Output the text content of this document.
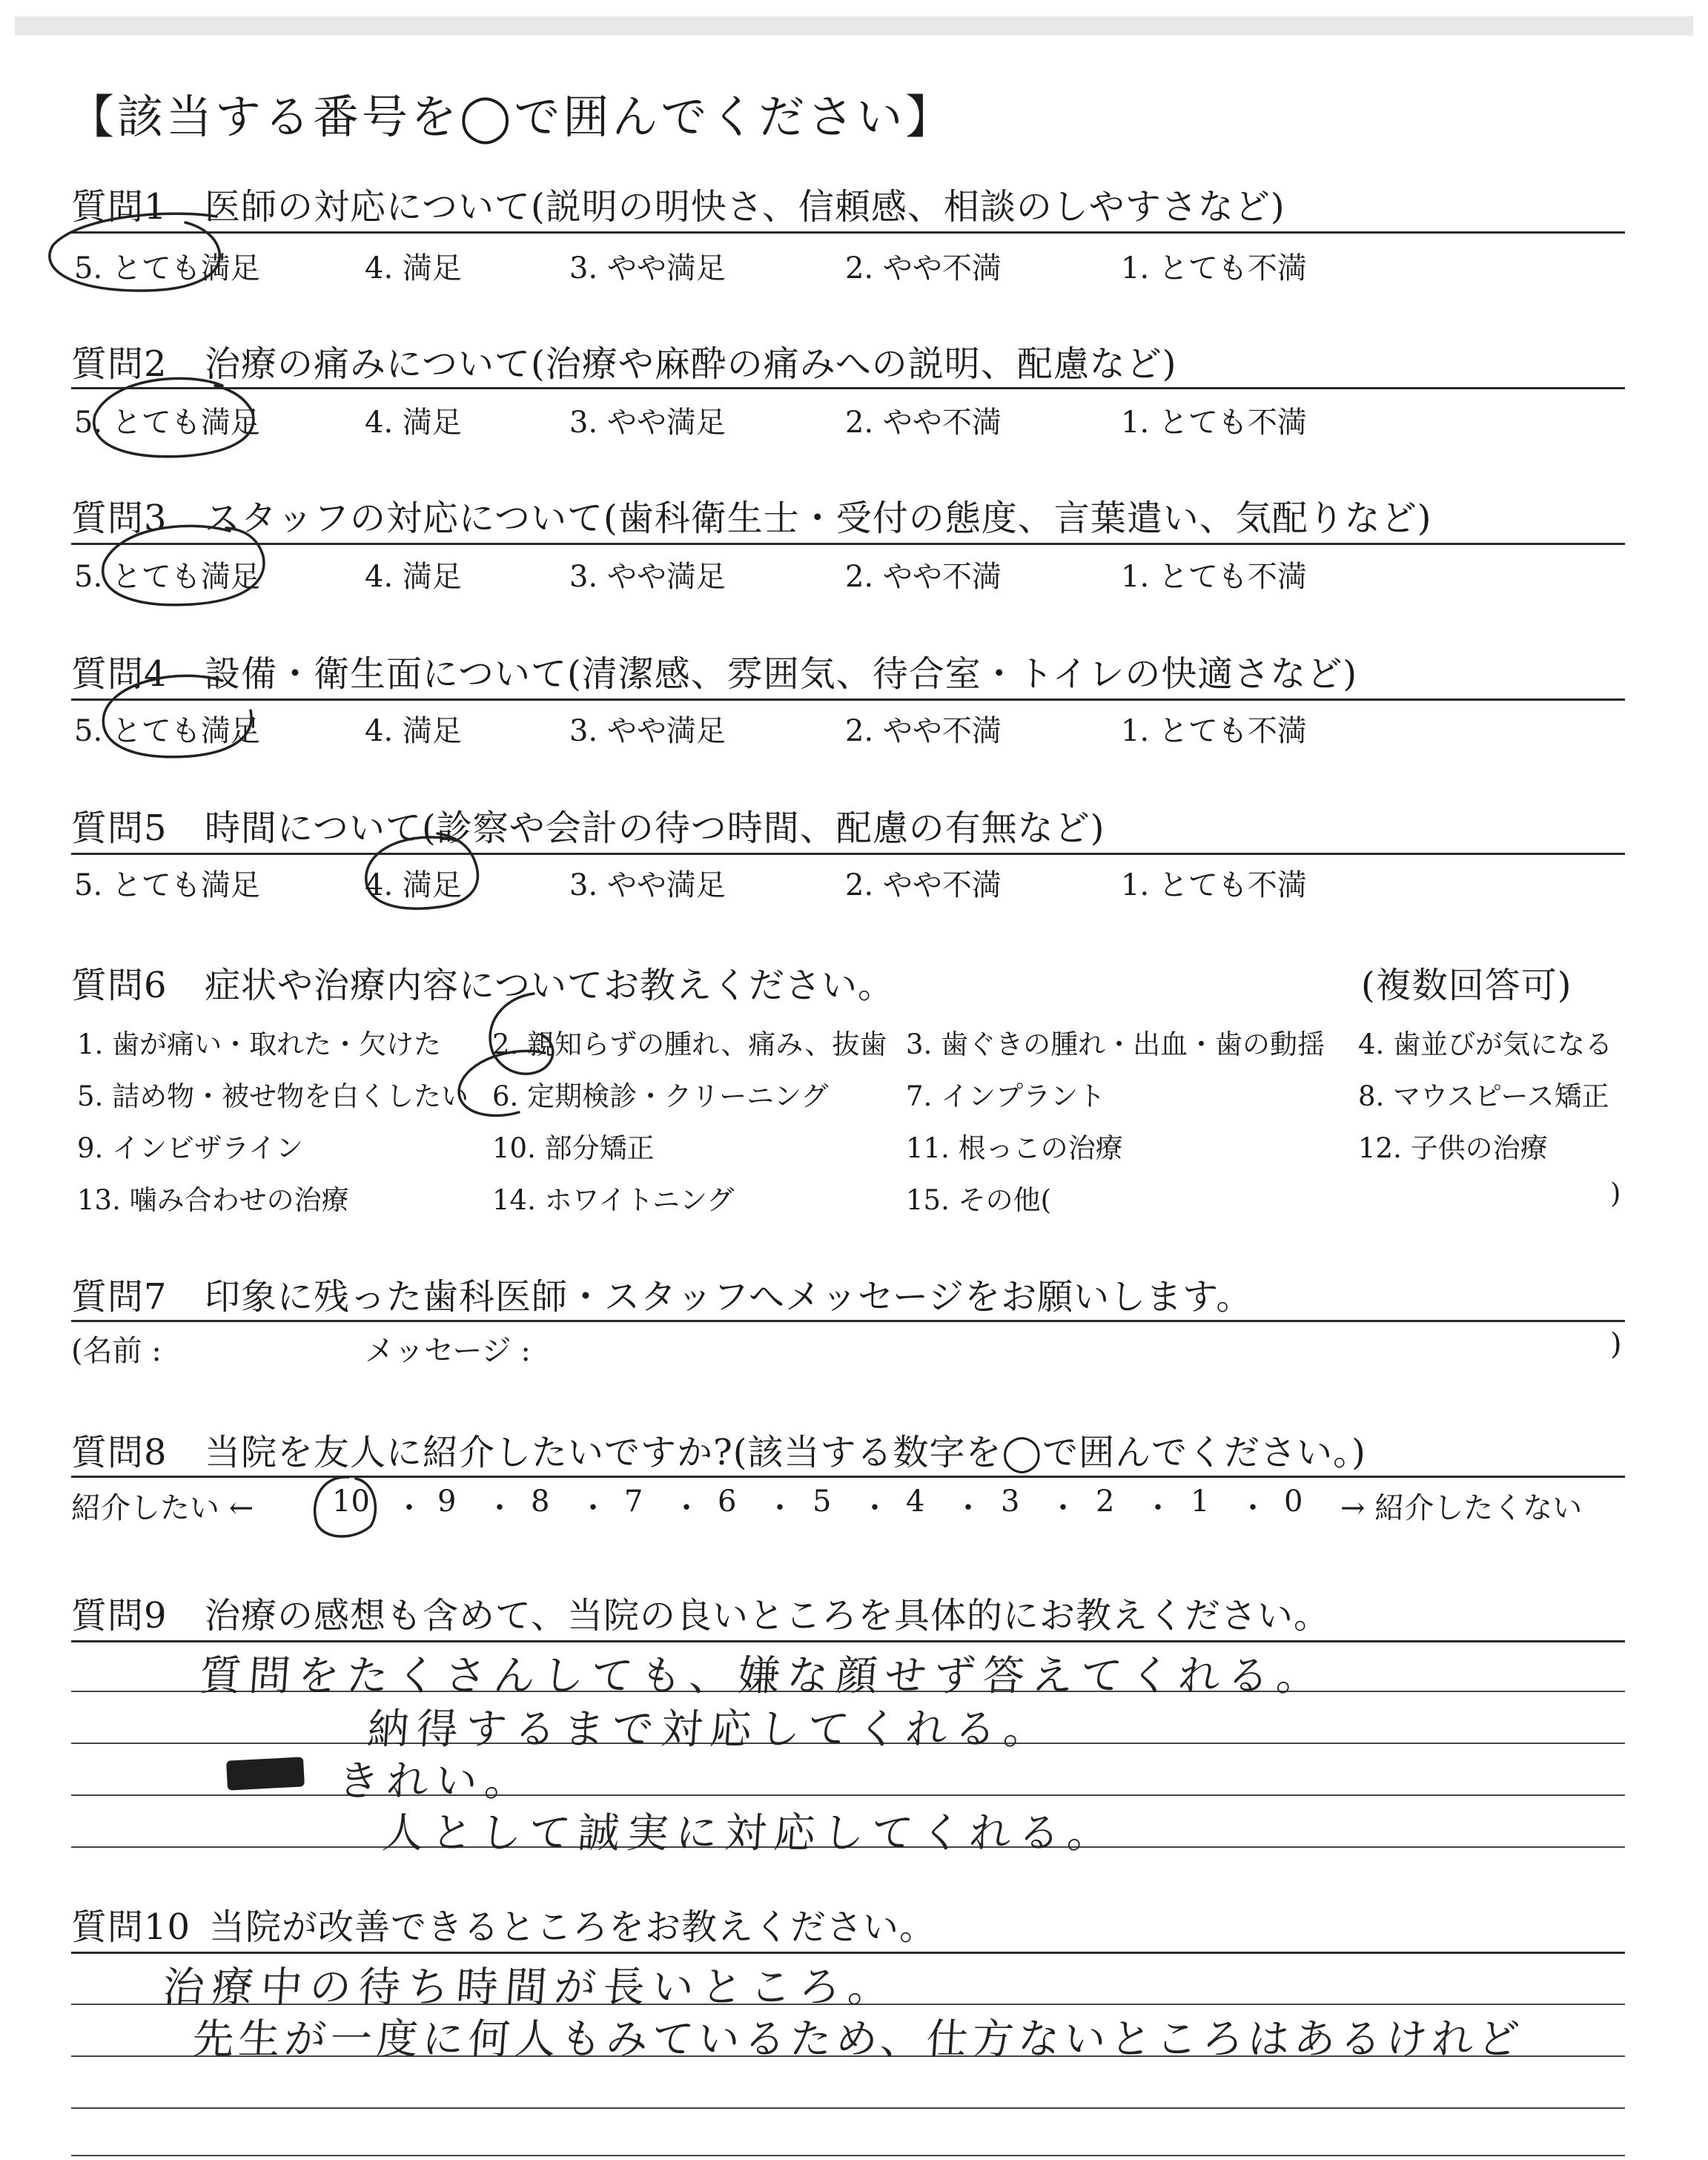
【該当する番号を◯で囲んでください】
質問1 医師の対応について(説明の明快さ、信頼感、相談のしやすさなど)
5. とても満足	4. 満足	3. やや満足	2. やや不満	1. とても不満
質問2 治療の痛みについて(治療や麻酔の痛みへの説明、配慮など)
5. とても満足	4. 満足	3. やや満足	2. やや不満	1. とても不満
質問3 スタッフの対応について(歯科衛生士・受付の態度、言葉遣い、気配りなど)
5. とても満足	4. 満足	3. やや満足	2. やや不満	1. とても不満
質問4 設備・衛生面について(清潔感、雰囲気、待合室・トイレの快適さなど)
5. とても満足	4. 満足	3. やや満足	2. やや不満	1. とても不満
質問5 時間について(診察や会計の待つ時間、配慮の有無など)
5. とても満足	4. 満足	3. やや満足	2. やや不満	1. とても不満
質問6 症状や治療内容についてお教えください。	(複数回答可)
1. 歯が痛い・取れた・欠けた 2. 親知らずの腫れ、痛み、抜歯 3. 歯ぐきの腫れ・出血・歯の動揺 4. 歯並びが気になる
5. 詰め物・被せ物を白くしたい 6. 定期検診・クリーニング	7. インプラント	8. マウスピース矯正
9. インビザライン	10. 部分矯正	11. 根っこの治療	12. 子供の治療
13. 噛み合わせの治療	14. ホワイトニング	15. その他(	)
質問7 印象に残った歯科医師・スタッフへメッセージをお願いします。
(名前 :	メッセージ :	)
質問8 当院を友人に紹介したいですか?(該当する数字を◯で囲んでください。)
紹介したい ←	10 ・ 9 ・ 8 ・ 7 ・ 6 ・ 5 ・ 4 ・ 3 ・ 2 ・ 1 ・ 0 → 紹介したくない
質問9 治療の感想も含めて、当院の良いところを具体的にお教えください。
質問をたくさんしても、嫌な顔せず答えてくれる。
納得するまで対応してくれる。
きれい。
人として誠実に対応してくれる。
質問10 当院が改善できるところをお教えください。
治療中の待ち時間が長いところ。
先生が一度に何人もみているため、仕方ないところはあるけれど
